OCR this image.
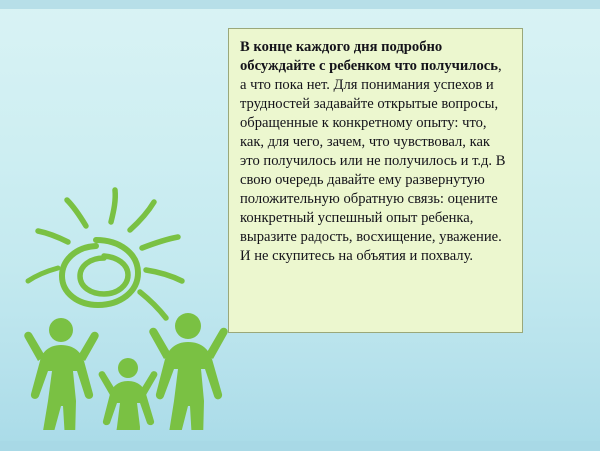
В конце каждого дня подробно обсуждайте с ребенком что получилось, а что пока нет. Для понимания успехов и трудностей задавайте открытые вопросы, обращенные к конкретному опыту: что, как, для чего, зачем, что чувствовал, как это получилось или не получилось и т.д. В свою очередь давайте ему развернутую положительную обратную связь: оцените конкретный успешный опыт ребенка, выразите радость, восхищение, уважение. И не скупитесь на объятия и похвалу.
